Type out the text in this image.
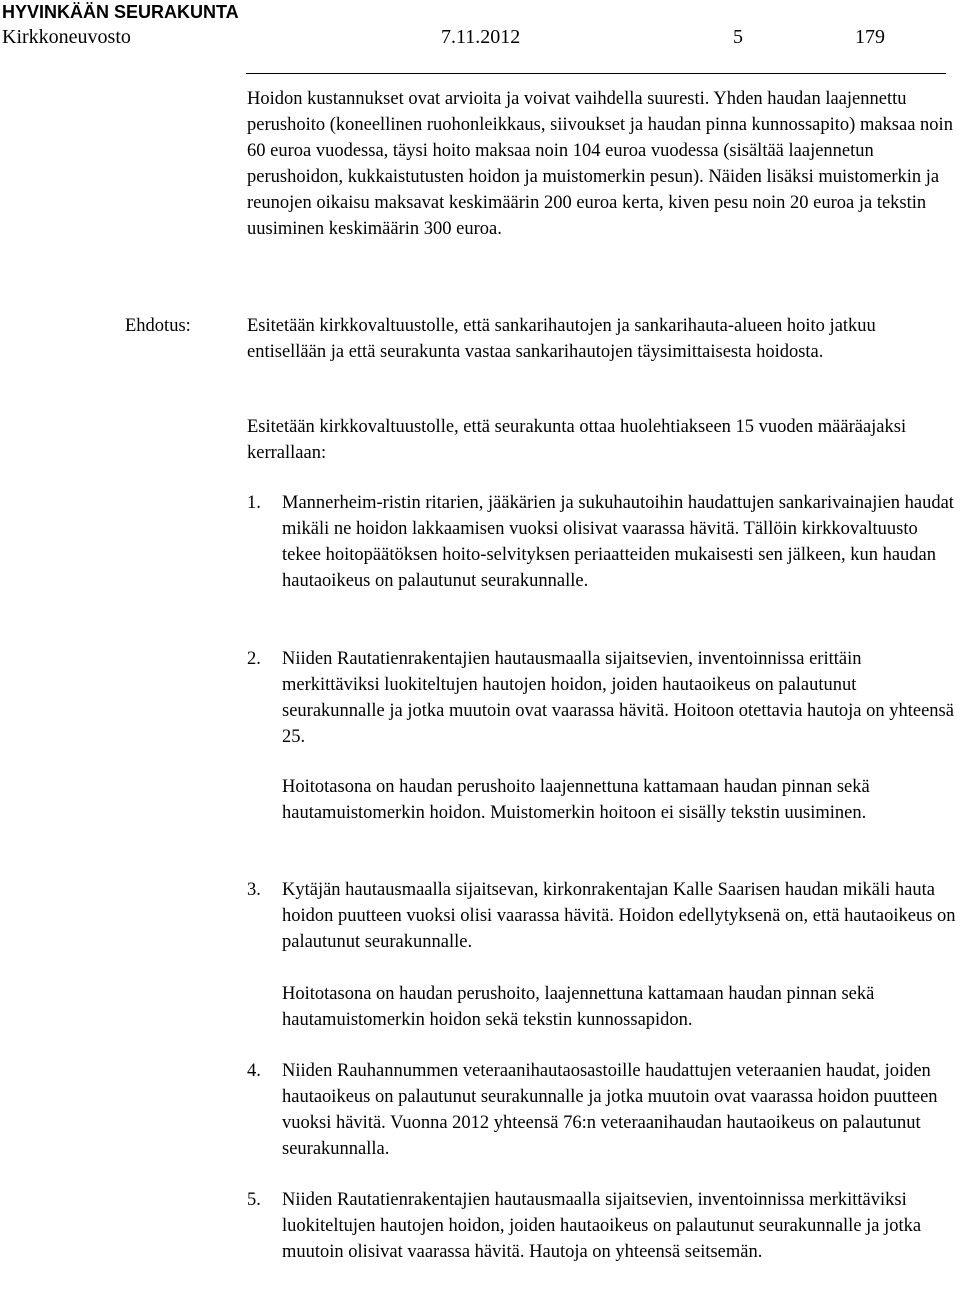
HYVINKÄÄN SEURAKUNTA
Kirkkoneuvosto	7.11.2012	5	179

Hoidon kustannukset ovat arvioita ja voivat vaihdella suuresti. Yhden haudan laajennettu perushoito (koneellinen ruohonleikkaus, siivoukset ja haudan pinna kunnossapito) maksaa noin 60 euroa vuodessa, täysi hoito maksaa noin 104 euroa vuodessa (sisältää laajennetun perushoidon, kukkaistutusten hoidon ja muistomerkin pesun). Näiden lisäksi muistomerkin ja reunojen oikaisu maksavat keskimäärin 200 euroa kerta, kiven pesu noin 20 euroa ja tekstin uusiminen keskimäärin 300 euroa.

Ehdotus:	Esitetään kirkkovaltuustolle, että sankarihautojen ja sankarihauta-alueen hoito jatkuu entisellään ja että seurakunta vastaa sankarihautojen täysimittaisesta hoidosta.

Esitetään kirkkovaltuustolle, että seurakunta ottaa huolehtiakseen 15 vuoden määräajaksi kerrallaan:

1. Mannerheim-ristin ritarien, jääkärien ja sukuhautoihin haudattujen sankarivainajien haudat mikäli ne hoidon lakkaamisen vuoksi olisivat vaarassa hävitä. Tällöin kirkkovaltuusto tekee hoitopäätöksen hoito-selvityksen periaatteiden mukaisesti sen jälkeen, kun haudan hautaoikeus on palautunut seurakunnalle.

2. Niiden Rautatienrakentajien hautausmaalla sijaitsevien, inventoinnissa erittäin merkittäviksi luokiteltujen hautojen hoidon, joiden hautaoikeus on palautunut seurakunnalle ja jotka muutoin ovat vaarassa hävitä. Hoitoon otettavia hautoja on yhteensä 25.

Hoitotasona on haudan perushoito laajennettuna kattamaan haudan pinnan sekä hautamuistomerkin hoidon. Muistomerkin hoitoon ei sisälly tekstin uusiminen.

3. Kytäjän hautausmaalla sijaitsevan, kirkonrakentajan Kalle Saarisen haudan mikäli hauta hoidon puutteen vuoksi olisi vaarassa hävitä. Hoidon edellytyksenä on, että hautaoikeus on palautunut seurakunnalle.

Hoitotasona on haudan perushoito, laajennettuna kattamaan haudan pinnan sekä hautamuistomerkin hoidon sekä tekstin kunnossapidon.

4. Niiden Rauhannummen veteraanihautaosastoille haudattujen veteraanien haudat, joiden hautaoikeus on palautunut seurakunnalle ja jotka muutoin ovat vaarassa hoidon puutteen vuoksi hävitä. Vuonna 2012 yhteensä 76:n veteraanihaudan hautaoikeus on palautunut seurakunnalla.

5. Niiden Rautatienrakentajien hautausmaalla sijaitsevien, inventoinnissa merkittäviksi luokiteltujen hautojen hoidon, joiden hautaoikeus on palautunut seurakunnalle ja jotka muutoin olisivat vaarassa hävitä. Hautoja on yhteensä seitsemän.
